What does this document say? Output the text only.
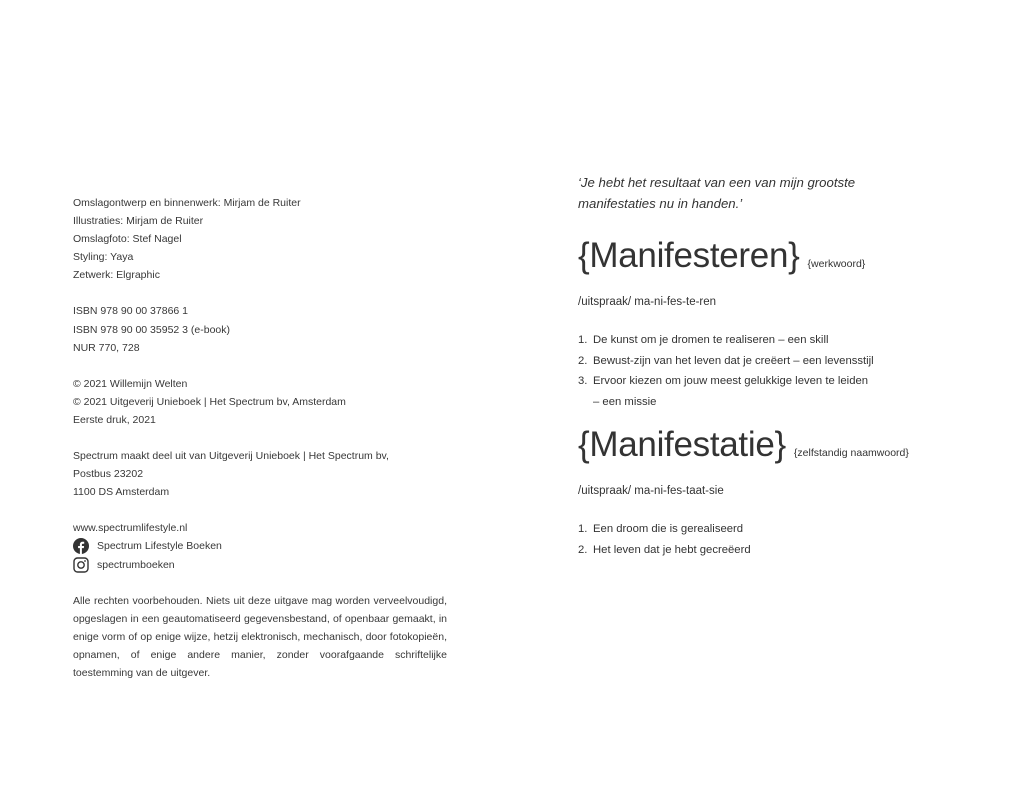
Omslagontwerp en binnenwerk: Mirjam de Ruiter
Illustraties: Mirjam de Ruiter
Omslagfoto: Stef Nagel
Styling: Yaya
Zetwerk: Elgraphic
ISBN 978 90 00 37866 1
ISBN 978 90 00 35952 3 (e-book)
NUR 770, 728
© 2021 Willemijn Welten
© 2021 Uitgeverij Unieboek | Het Spectrum bv, Amsterdam
Eerste druk, 2021
Spectrum maakt deel uit van Uitgeverij Unieboek | Het Spectrum bv,
Postbus 23202
1100 DS Amsterdam
www.spectrumlifestyle.nl
Spectrum Lifestyle Boeken
spectrumboeken
Alle rechten voorbehouden. Niets uit deze uitgave mag worden verveelvoudigd, opgeslagen in een geautomatiseerd gegevensbestand, of openbaar gemaakt, in enige vorm of op enige wijze, hetzij elektronisch, mechanisch, door fotokopieën, opnamen, of enige andere manier, zonder voorafgaande schriftelijke toestemming van de uitgever.
‘Je hebt het resultaat van een van mijn grootste
manifestaties nu in handen.’
{Manifesteren} {werkwoord}
/uitspraak/ ma-ni-fes-te-ren
1. De kunst om je dromen te realiseren – een skill
2. Bewust-zijn van het leven dat je creëert – een levensstijl
3. Ervoor kiezen om jouw meest gelukkige leven te leiden
– een missie
{Manifestatie} {zelfstandig naamwoord}
/uitspraak/ ma-ni-fes-taat-sie
1. Een droom die is gerealiseerd
2. Het leven dat je hebt gecreëerd
